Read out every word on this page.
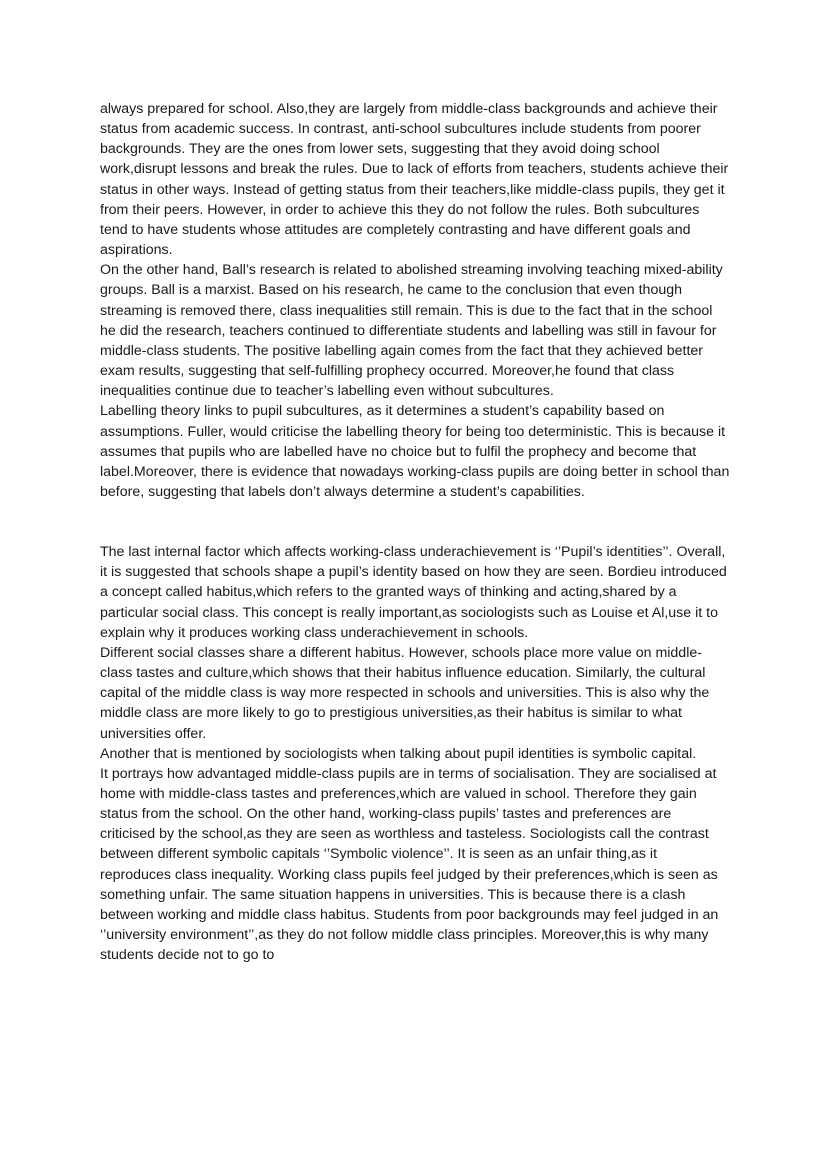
always prepared for school. Also,they are largely from middle-class backgrounds and achieve their status from academic success. In contrast, anti-school subcultures include students from poorer backgrounds. They are the ones from lower sets, suggesting that they avoid doing school work,disrupt lessons and break the rules. Due to lack of efforts from teachers, students achieve their status in other ways. Instead of getting status from their teachers,like middle-class pupils, they get it from their peers. However, in order to achieve this they do not follow the rules. Both subcultures tend to have students whose attitudes are completely contrasting and have different goals and aspirations.

On the other hand, Ball’s research is related to abolished streaming involving teaching mixed-ability groups. Ball is a marxist. Based on his research, he came to the conclusion that even though streaming is removed there, class inequalities still remain. This is due to the fact that in the school he did the research, teachers continued to differentiate students and labelling was still in favour for middle-class students. The positive labelling again comes from the fact that they achieved better exam results, suggesting that self-fulfilling prophecy occurred. Moreover,he found that class inequalities continue due to teacher’s labelling even without subcultures.

Labelling theory links to pupil subcultures, as it determines a student’s capability based on assumptions. Fuller, would criticise the labelling theory for being too deterministic. This is because it assumes that pupils who are labelled have no choice but to fulfil the prophecy and become that label.Moreover, there is evidence that nowadays working-class pupils are doing better in school than before, suggesting that labels don’t always determine a student’s capabilities.

The last internal factor which affects working-class underachievement is ‘’Pupil’s identities’’. Overall, it is suggested that schools shape a pupil’s identity based on how they are seen. Bordieu introduced a concept called habitus,which refers to the granted ways of thinking and acting,shared by a particular social class. This concept is really important,as sociologists such as Louise et Al,use it to explain why it produces working class underachievement in schools.

Different social classes share a different habitus. However, schools place more value on middle-class tastes and culture,which shows that their habitus influence education. Similarly, the cultural capital of the middle class is way more respected in schools and universities. This is also why the middle class are more likely to go to prestigious universities,as their habitus is similar to what universities offer.

Another that is mentioned by sociologists when talking about pupil identities is symbolic capital.

It portrays how advantaged middle-class pupils are in terms of socialisation. They are socialised at home with middle-class tastes and preferences,which are valued in school. Therefore they gain status from the school. On the other hand, working-class pupils’ tastes and preferences are criticised by the school,as they are seen as worthless and tasteless. Sociologists call the contrast between different symbolic capitals ‘’Symbolic violence’’. It is seen as an unfair thing,as it reproduces class inequality. Working class pupils feel judged by their preferences,which is seen as something unfair. The same situation happens in universities. This is because there is a clash between working and middle class habitus. Students from poor backgrounds may feel judged in an ‘’university environment’’,as they do not follow middle class principles. Moreover,this is why many students decide not to go to
